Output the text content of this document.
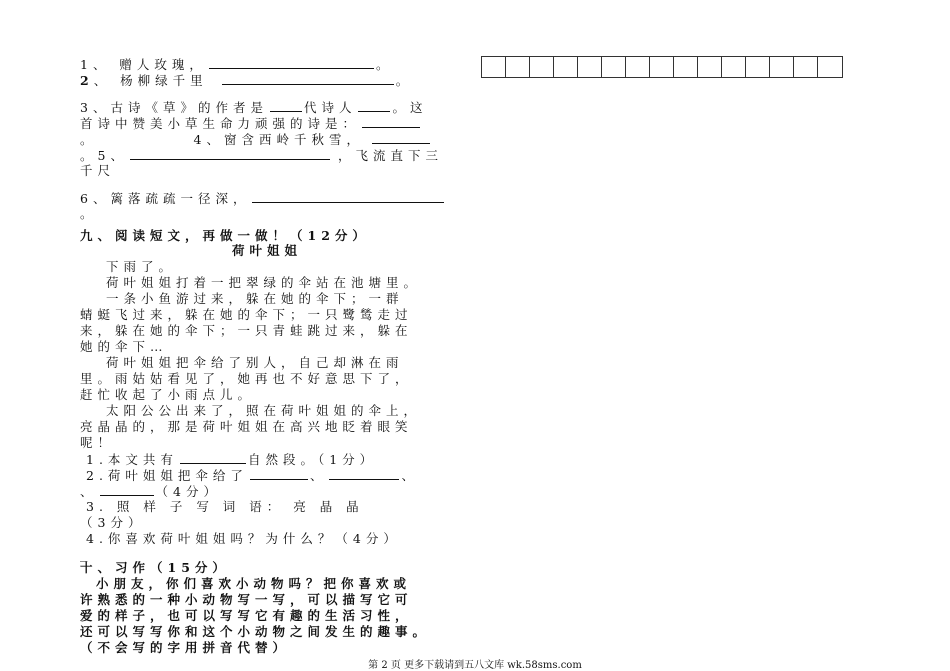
1、 赠人玫瑰，	。
2、 杨柳绿千里	。
3、古诗《草》的作者是	代诗人	。这
首诗中赞美小草生命力顽强的诗是：
。	4、窗含西岭千秋雪，
。5、	，飞流直下三
千尺
6、篱落疏疏一径深，
。
九、阅读短文，再做一做！（12分）
荷叶姐姐
下雨了。
荷叶姐姐打着一把翠绿的伞站在池塘里。
一条小鱼游过来，躲在她的伞下；一群
蜻蜓飞过来，躲在她的伞下；一只鹭鸶走过
来，躲在她的伞下；一只青蛙跳过来，躲在
她的伞下…
荷叶姐姐把伞给了别人，自己却淋在雨
里。雨姑姑看见了，她再也不好意思下了，
赶忙收起了小雨点儿。
太阳公公出来了，照在荷叶姐姐的伞上，
亮晶晶的，那是荷叶姐姐在高兴地眨着眼笑
呢！
1.本文共有	自然段。（1分）
2.荷叶姐姐把伞给了	、	、
、	（4分）
3. 照 样 子 写 词 语： 亮 晶 晶
（3分）
4.你喜欢荷叶姐姐吗？为什么？（4分）
_
十、习作（15分）
小朋友，你们喜欢小动物吗？把你喜欢或
许熟悉的一种小动物写一写，可以描写它可
爱的样子，也可以写写它有趣的生活习性，
还可以写写你和这个小动物之间发生的趣事。
（不会写的字用拼音代替）
第 2 页 更多下载请到五八文库 wk.58sms.com
